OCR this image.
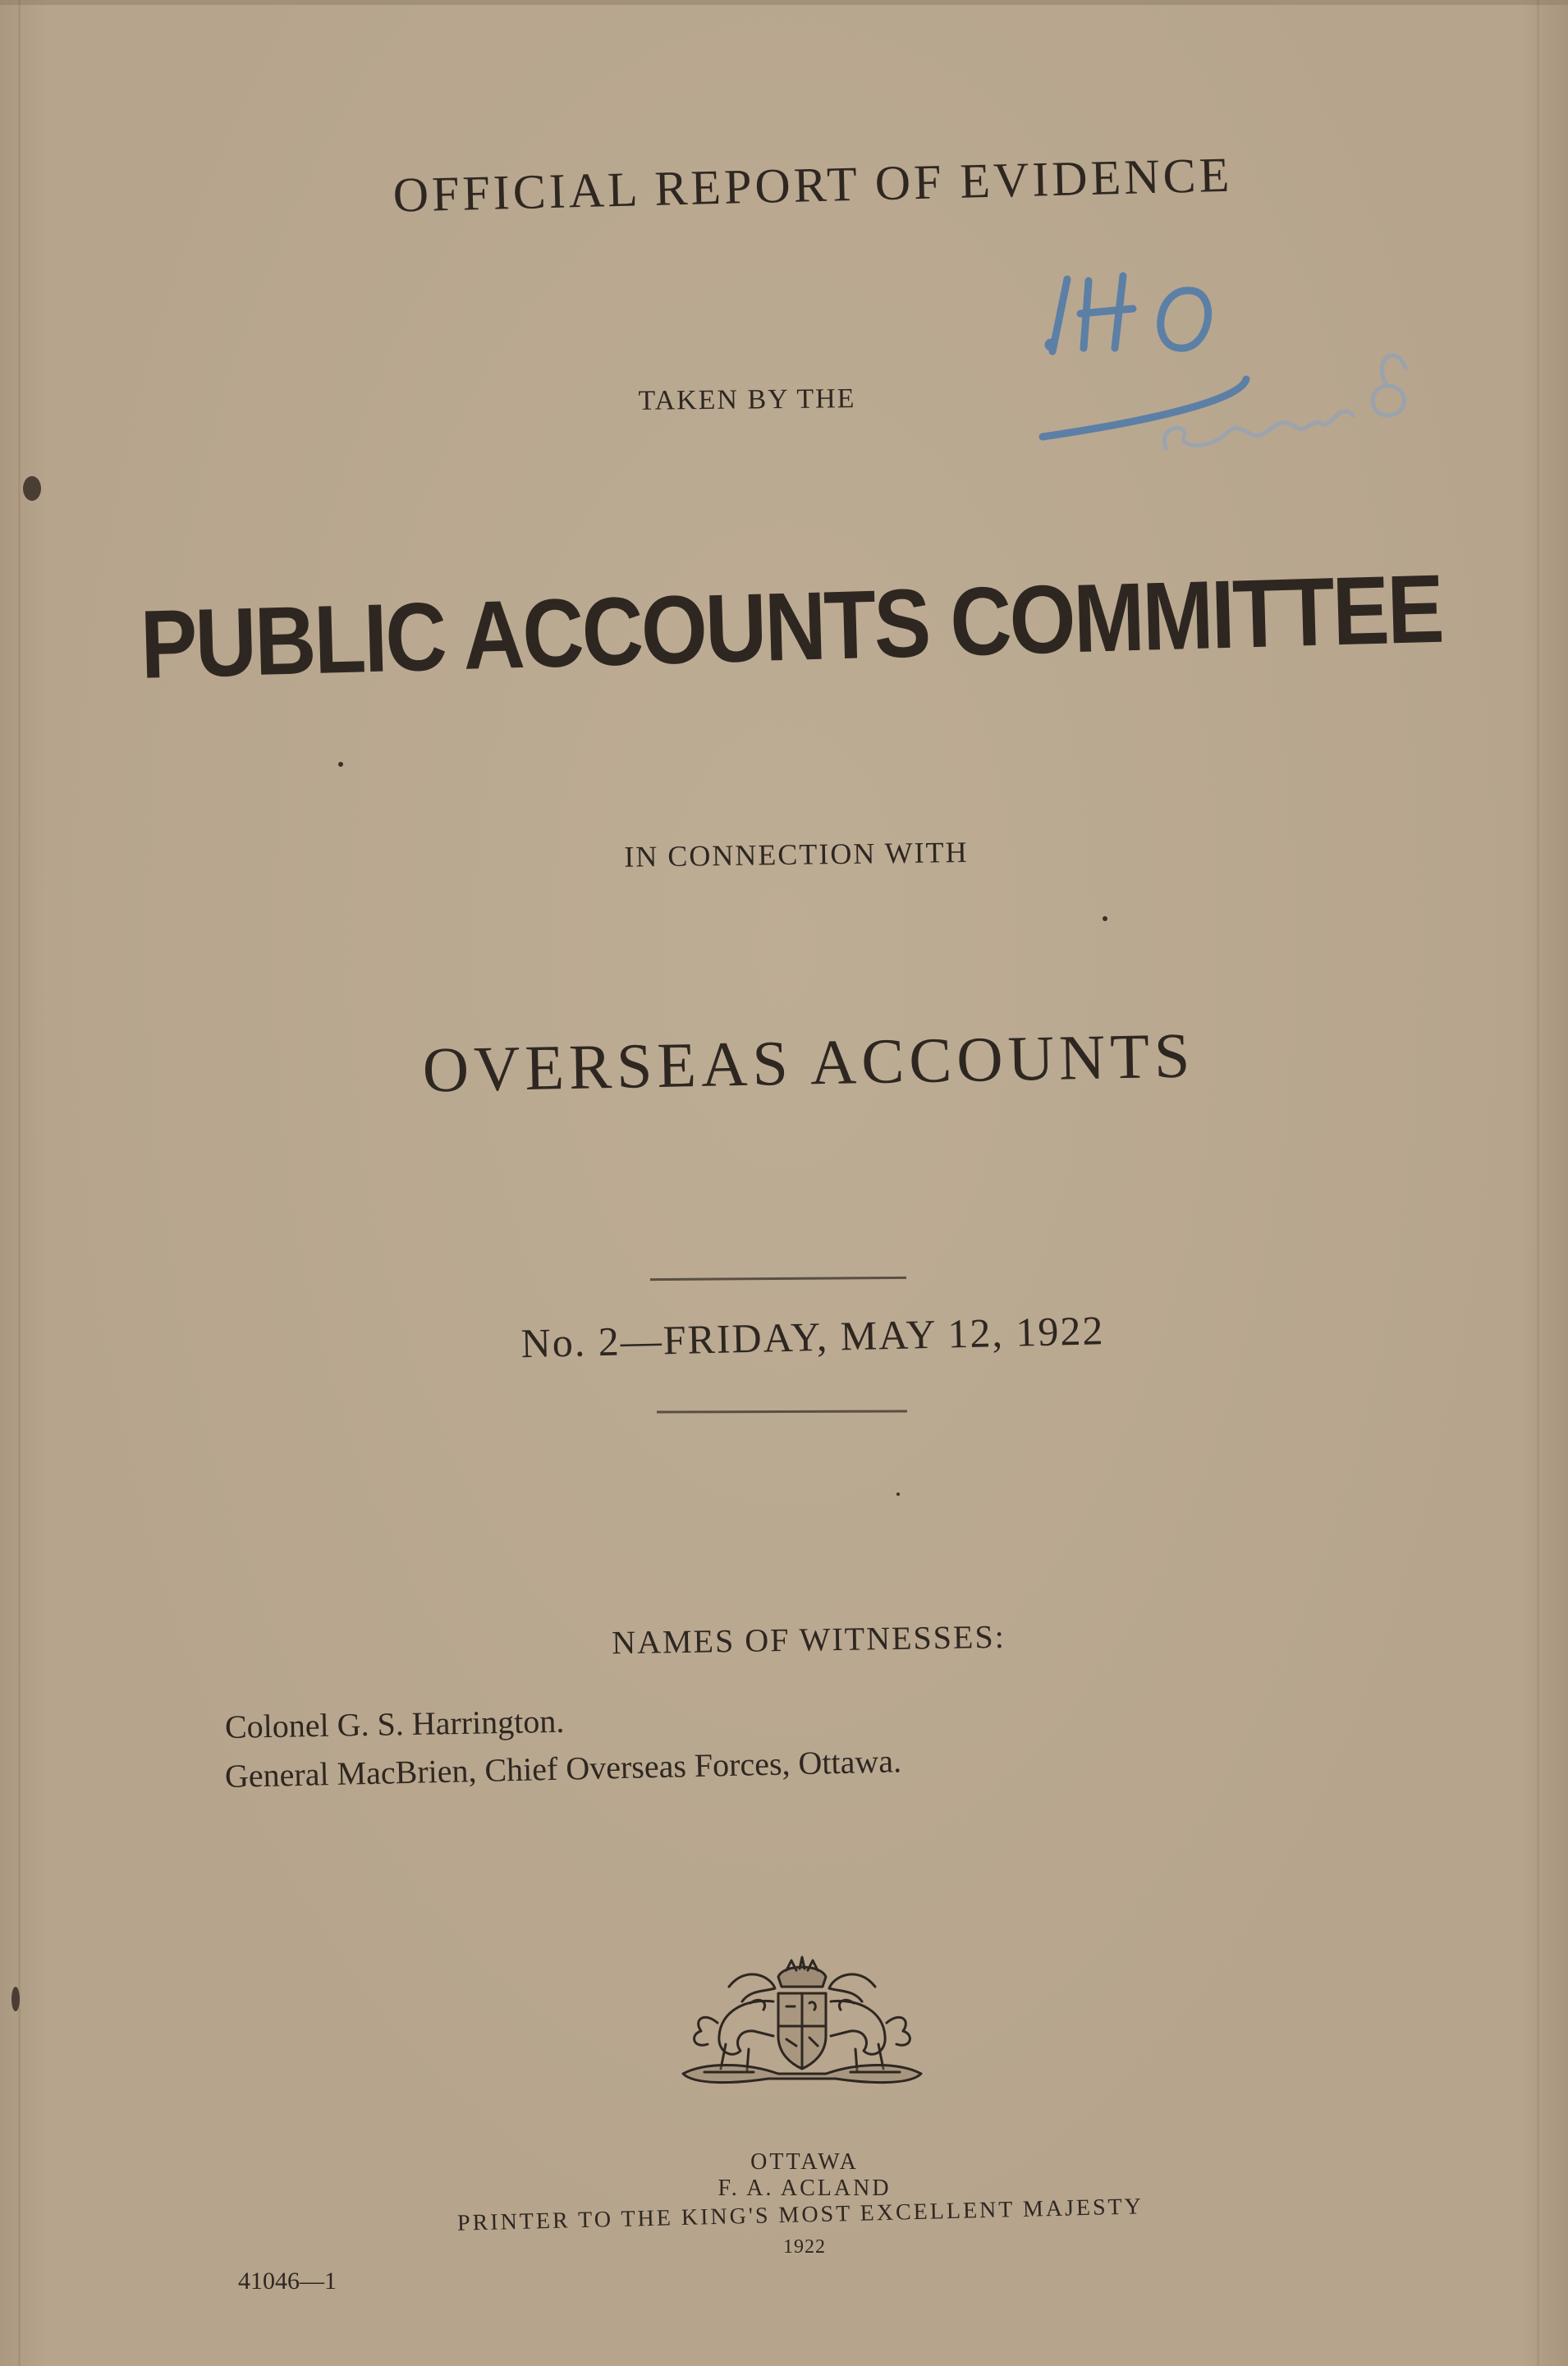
OFFICIAL REPORT OF EVIDENCE
TAKEN BY THE
PUBLIC ACCOUNTS COMMITTEE
IN CONNECTION WITH
OVERSEAS ACCOUNTS
No. 2—FRIDAY, MAY 12, 1922
NAMES OF WITNESSES:
Colonel G. S. Harrington.
General MacBrien, Chief Overseas Forces, Ottawa.
OTTAWA
F. A. ACLAND
PRINTER TO THE KING'S MOST EXCELLENT MAJESTY
1922
41046—1
